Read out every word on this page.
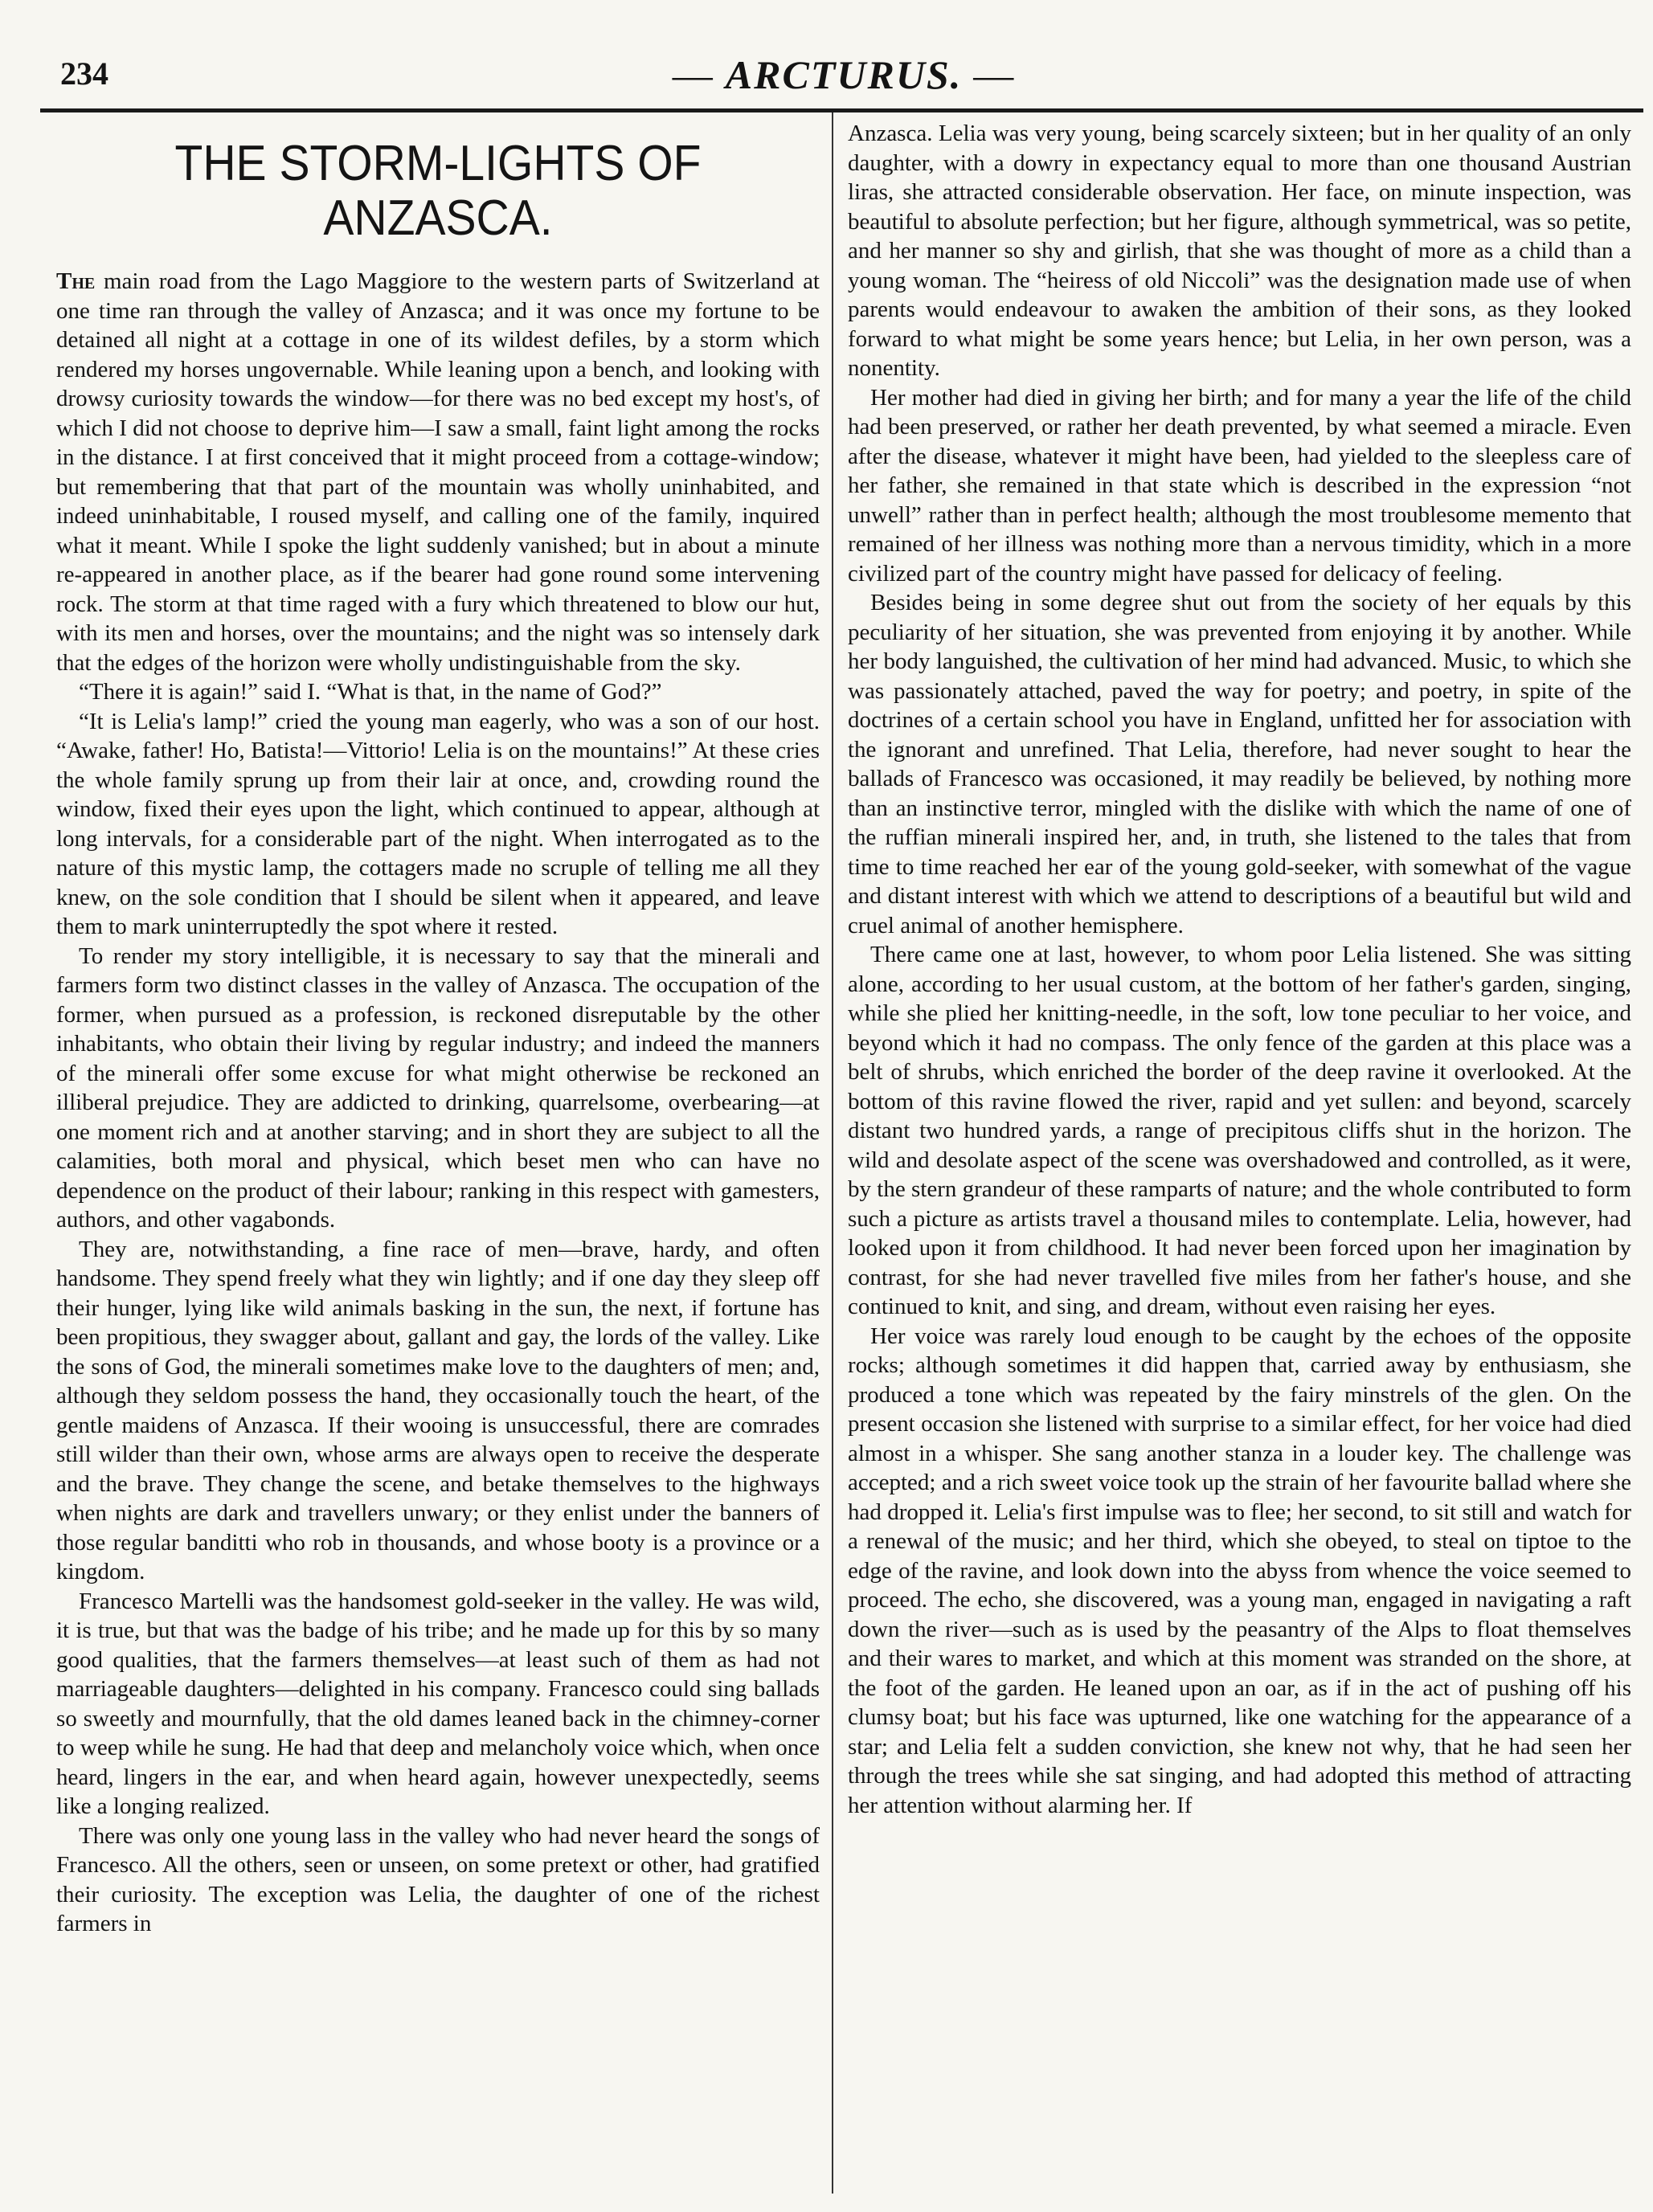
234	— ARCTURUS. —
THE STORM-LIGHTS OF ANZASCA.

The main road from the Lago Maggiore to the western parts of Switzerland at one time ran through the valley of Anzasca; and it was once my fortune to be detained all night at a cottage in one of its wildest defiles, by a storm which rendered my horses ungovernable. While leaning upon a bench, and looking with drowsy curiosity towards the window—for there was no bed except my host's, of which I did not choose to deprive him—I saw a small, faint light among the rocks in the distance. I at first conceived that it might proceed from a cottage-window; but remembering that that part of the mountain was wholly uninhabited, and indeed uninhabitable, I roused myself, and calling one of the family, inquired what it meant. While I spoke the light suddenly vanished; but in about a minute re-appeared in another place, as if the bearer had gone round some intervening rock. The storm at that time raged with a fury which threatened to blow our hut, with its men and horses, over the mountains; and the night was so intensely dark that the edges of the horizon were wholly undistinguishable from the sky.

“There it is again!” said I. “What is that, in the name of God?”

“It is Lelia's lamp!” cried the young man eagerly, who was a son of our host. “Awake, father! Ho, Batista!—Vittorio! Lelia is on the mountains!” At these cries the whole family sprung up from their lair at once, and, crowding round the window, fixed their eyes upon the light, which continued to appear, although at long intervals, for a considerable part of the night. When interrogated as to the nature of this mystic lamp, the cottagers made no scruple of telling me all they knew, on the sole condition that I should be silent when it appeared, and leave them to mark uninterruptedly the spot where it rested.

To render my story intelligible, it is necessary to say that the minerali and farmers form two distinct classes in the valley of Anzasca. The occupation of the former, when pursued as a profession, is reckoned disreputable by the other inhabitants, who obtain their living by regular industry; and indeed the manners of the minerali offer some excuse for what might otherwise be reckoned an illiberal prejudice. They are addicted to drinking, quarrelsome, overbearing—at one moment rich and at another starving; and in short they are subject to all the calamities, both moral and physical, which beset men who can have no dependence on the product of their labour; ranking in this respect with gamesters, authors, and other vagabonds.

They are, notwithstanding, a fine race of men—brave, hardy, and often handsome. They spend freely what they win lightly; and if one day they sleep off their hunger, lying like wild animals basking in the sun, the next, if fortune has been propitious, they swagger about, gallant and gay, the lords of the valley. Like the sons of God, the minerali sometimes make love to the daughters of men; and, although they seldom possess the hand, they occasionally touch the heart, of the gentle maidens of Anzasca. If their wooing is unsuccessful, there are comrades still wilder than their own, whose arms are always open to receive the desperate and the brave. They change the scene, and betake themselves to the highways when nights are dark and travellers unwary; or they enlist under the banners of those regular banditti who rob in thousands, and whose booty is a province or a kingdom.

Francesco Martelli was the handsomest gold-seeker in the valley. He was wild, it is true, but that was the badge of his tribe; and he made up for this by so many good qualities, that the farmers themselves—at least such of them as had not marriageable daughters—delighted in his company. Francesco could sing ballads so sweetly and mournfully, that the old dames leaned back in the chimney-corner to weep while he sung. He had that deep and melancholy voice which, when once heard, lingers in the ear, and when heard again, however unexpectedly, seems like a longing realized.

There was only one young lass in the valley who had never heard the songs of Francesco. All the others, seen or unseen, on some pretext or other, had gratified their curiosity. The exception was Lelia, the daughter of one of the richest farmers in

Anzasca. Lelia was very young, being scarcely sixteen; but in her quality of an only daughter, with a dowry in expectancy equal to more than one thousand Austrian liras, she attracted considerable observation. Her face, on minute inspection, was beautiful to absolute perfection; but her figure, although symmetrical, was so petite, and her manner so shy and girlish, that she was thought of more as a child than a young woman. The “heiress of old Niccoli” was the designation made use of when parents would endeavour to awaken the ambition of their sons, as they looked forward to what might be some years hence; but Lelia, in her own person, was a nonentity.

Her mother had died in giving her birth; and for many a year the life of the child had been preserved, or rather her death prevented, by what seemed a miracle. Even after the disease, whatever it might have been, had yielded to the sleepless care of her father, she remained in that state which is described in the expression “not unwell” rather than in perfect health; although the most troublesome memento that remained of her illness was nothing more than a nervous timidity, which in a more civilized part of the country might have passed for delicacy of feeling.

Besides being in some degree shut out from the society of her equals by this peculiarity of her situation, she was prevented from enjoying it by another. While her body languished, the cultivation of her mind had advanced. Music, to which she was passionately attached, paved the way for poetry; and poetry, in spite of the doctrines of a certain school you have in England, unfitted her for association with the ignorant and unrefined. That Lelia, therefore, had never sought to hear the ballads of Francesco was occasioned, it may readily be believed, by nothing more than an instinctive terror, mingled with the dislike with which the name of one of the ruffian minerali inspired her, and, in truth, she listened to the tales that from time to time reached her ear of the young gold-seeker, with somewhat of the vague and distant interest with which we attend to descriptions of a beautiful but wild and cruel animal of another hemisphere.

There came one at last, however, to whom poor Lelia listened. She was sitting alone, according to her usual custom, at the bottom of her father's garden, singing, while she plied her knitting-needle, in the soft, low tone peculiar to her voice, and beyond which it had no compass. The only fence of the garden at this place was a belt of shrubs, which enriched the border of the deep ravine it overlooked. At the bottom of this ravine flowed the river, rapid and yet sullen: and beyond, scarcely distant two hundred yards, a range of precipitous cliffs shut in the horizon. The wild and desolate aspect of the scene was overshadowed and controlled, as it were, by the stern grandeur of these ramparts of nature; and the whole contributed to form such a picture as artists travel a thousand miles to contemplate. Lelia, however, had looked upon it from childhood. It had never been forced upon her imagination by contrast, for she had never travelled five miles from her father's house, and she continued to knit, and sing, and dream, without even raising her eyes.

Her voice was rarely loud enough to be caught by the echoes of the opposite rocks; although sometimes it did happen that, carried away by enthusiasm, she produced a tone which was repeated by the fairy minstrels of the glen. On the present occasion she listened with surprise to a similar effect, for her voice had died almost in a whisper. She sang another stanza in a louder key. The challenge was accepted; and a rich sweet voice took up the strain of her favourite ballad where she had dropped it. Lelia's first impulse was to flee; her second, to sit still and watch for a renewal of the music; and her third, which she obeyed, to steal on tiptoe to the edge of the ravine, and look down into the abyss from whence the voice seemed to proceed. The echo, she discovered, was a young man, engaged in navigating a raft down the river—such as is used by the peasantry of the Alps to float themselves and their wares to market, and which at this moment was stranded on the shore, at the foot of the garden. He leaned upon an oar, as if in the act of pushing off his clumsy boat; but his face was upturned, like one watching for the appearance of a star; and Lelia felt a sudden conviction, she knew not why, that he had seen her through the trees while she sat singing, and had adopted this method of attracting her attention without alarming her. If
